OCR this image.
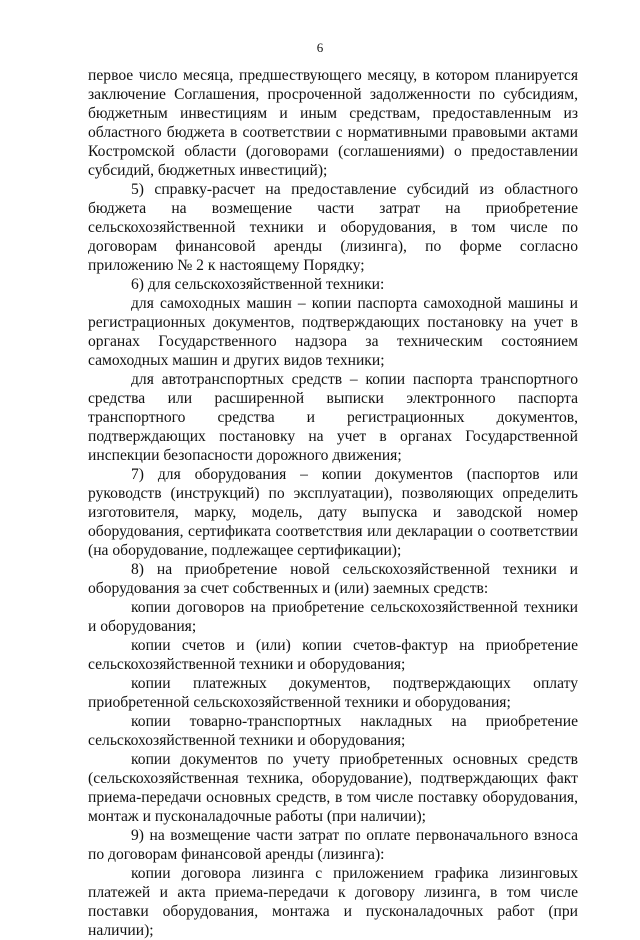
6

первое число месяца, предшествующего месяцу, в котором планируется заключение Соглашения, просроченной задолженности по субсидиям, бюджетным инвестициям и иным средствам, предоставленным из областного бюджета в соответствии с нормативными правовыми актами Костромской области (договорами (соглашениями) о предоставлении субсидий, бюджетных инвестиций);

5) справку-расчет на предоставление субсидий из областного бюджета на возмещение части затрат на приобретение сельскохозяйственной техники и оборудования, в том числе по договорам финансовой аренды (лизинга), по форме согласно приложению № 2 к настоящему Порядку;

6) для сельскохозяйственной техники:

для самоходных машин – копии паспорта самоходной машины и регистрационных документов, подтверждающих постановку на учет в органах Государственного надзора за техническим состоянием самоходных машин и других видов техники;

для автотранспортных средств – копии паспорта транспортного средства или расширенной выписки электронного паспорта транспортного средства и регистрационных документов, подтверждающих постановку на учет в органах Государственной инспекции безопасности дорожного движения;

7) для оборудования – копии документов (паспортов или руководств (инструкций) по эксплуатации), позволяющих определить изготовителя, марку, модель, дату выпуска и заводской номер оборудования, сертификата соответствия или декларации о соответствии (на оборудование, подлежащее сертификации);

8) на приобретение новой сельскохозяйственной техники и оборудования за счет собственных и (или) заемных средств:

копии договоров на приобретение сельскохозяйственной техники и оборудования;

копии счетов и (или) копии счетов-фактур на приобретение сельскохозяйственной техники и оборудования;

копии платежных документов, подтверждающих оплату приобретенной сельскохозяйственной техники и оборудования;

копии товарно-транспортных накладных на приобретение сельскохозяйственной техники и оборудования;

копии документов по учету приобретенных основных средств (сельскохозяйственная техника, оборудование), подтверждающих факт приема-передачи основных средств, в том числе поставку оборудования, монтаж и пусконаладочные работы (при наличии);

9) на возмещение части затрат по оплате первоначального взноса по договорам финансовой аренды (лизинга):

копии договора лизинга с приложением графика лизинговых платежей и акта приема-передачи к договору лизинга, в том числе поставки оборудования, монтажа и пусконаладочных работ (при наличии);
